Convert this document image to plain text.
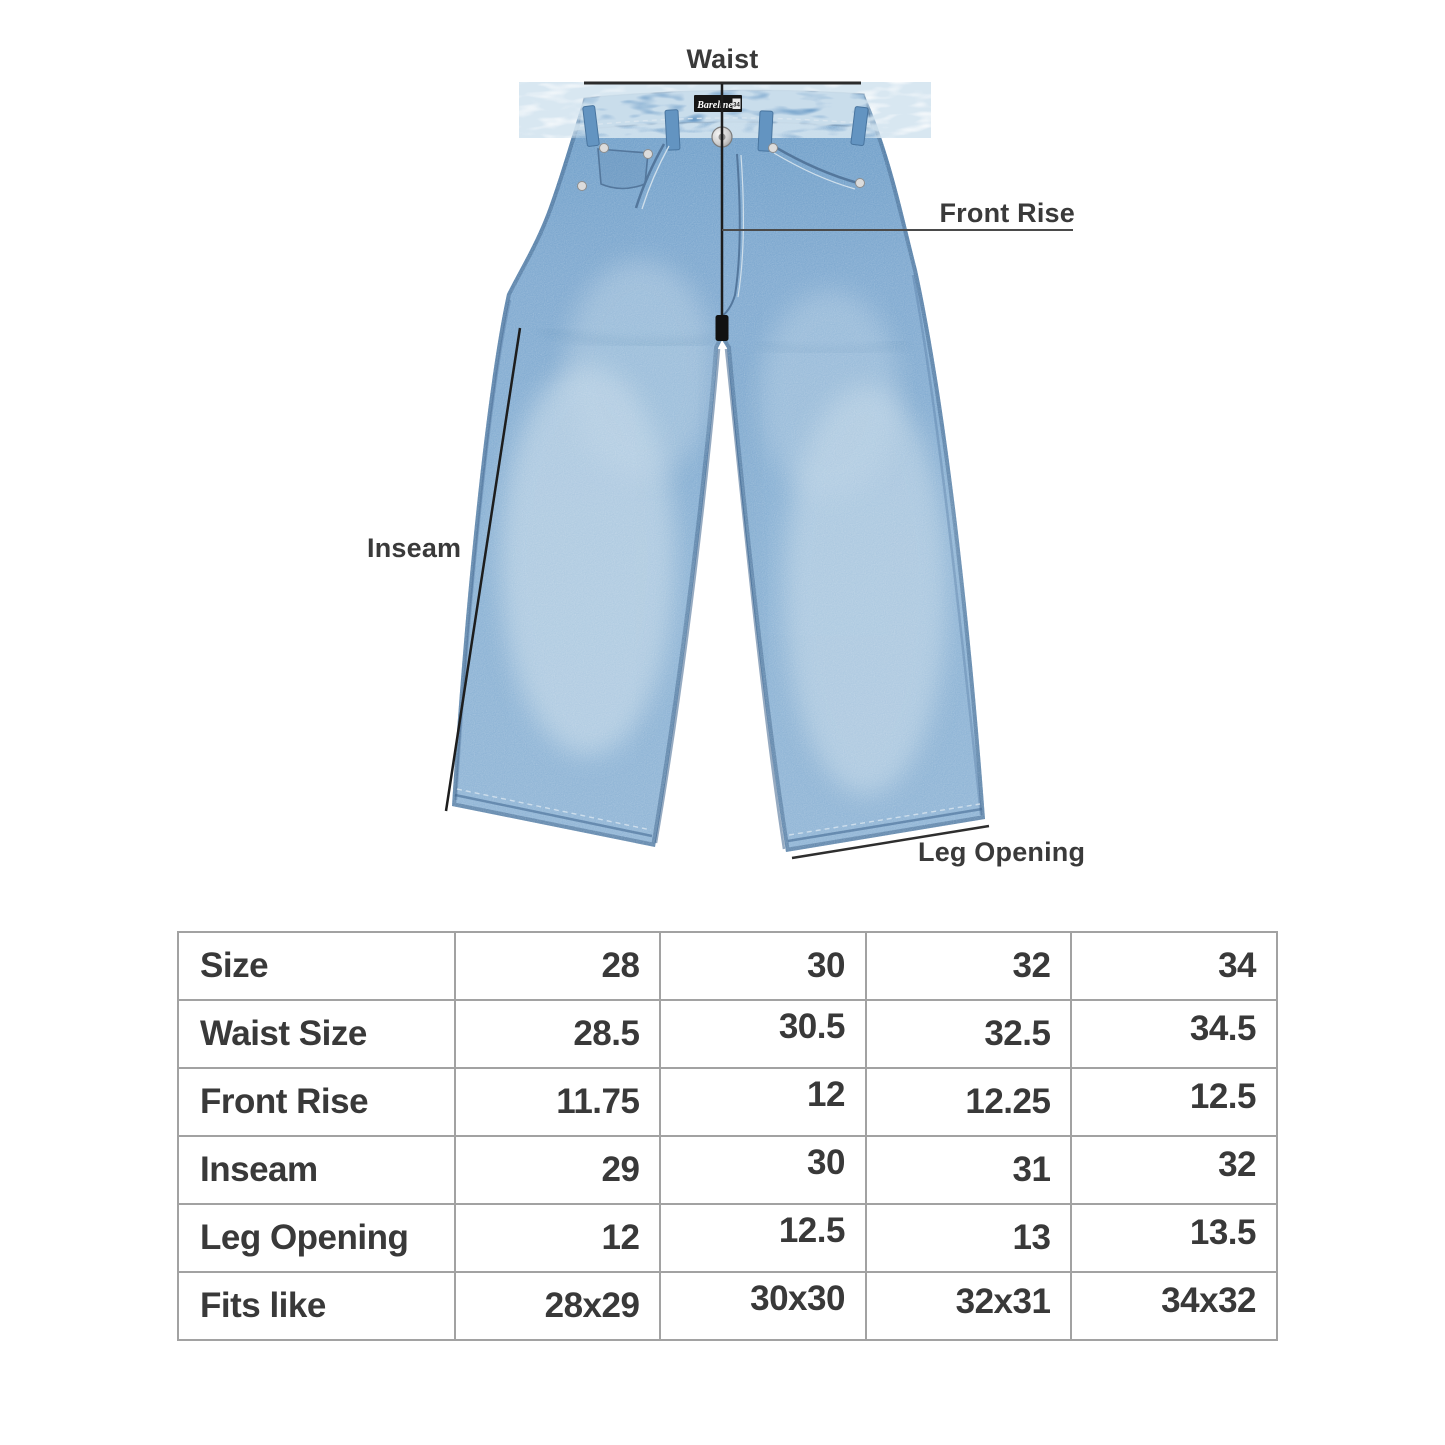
Bareline 34
Waist
Front Rise
Inseam
Leg Opening
Size	28	30	32	34
Waist Size	28.5	30.5	32.5	34.5
Front Rise	11.75	12	12.25	12.5
Inseam	29	30	31	32
Leg Opening	12	12.5	13	13.5
Fits like	28x29	30x30	32x31	34x32
